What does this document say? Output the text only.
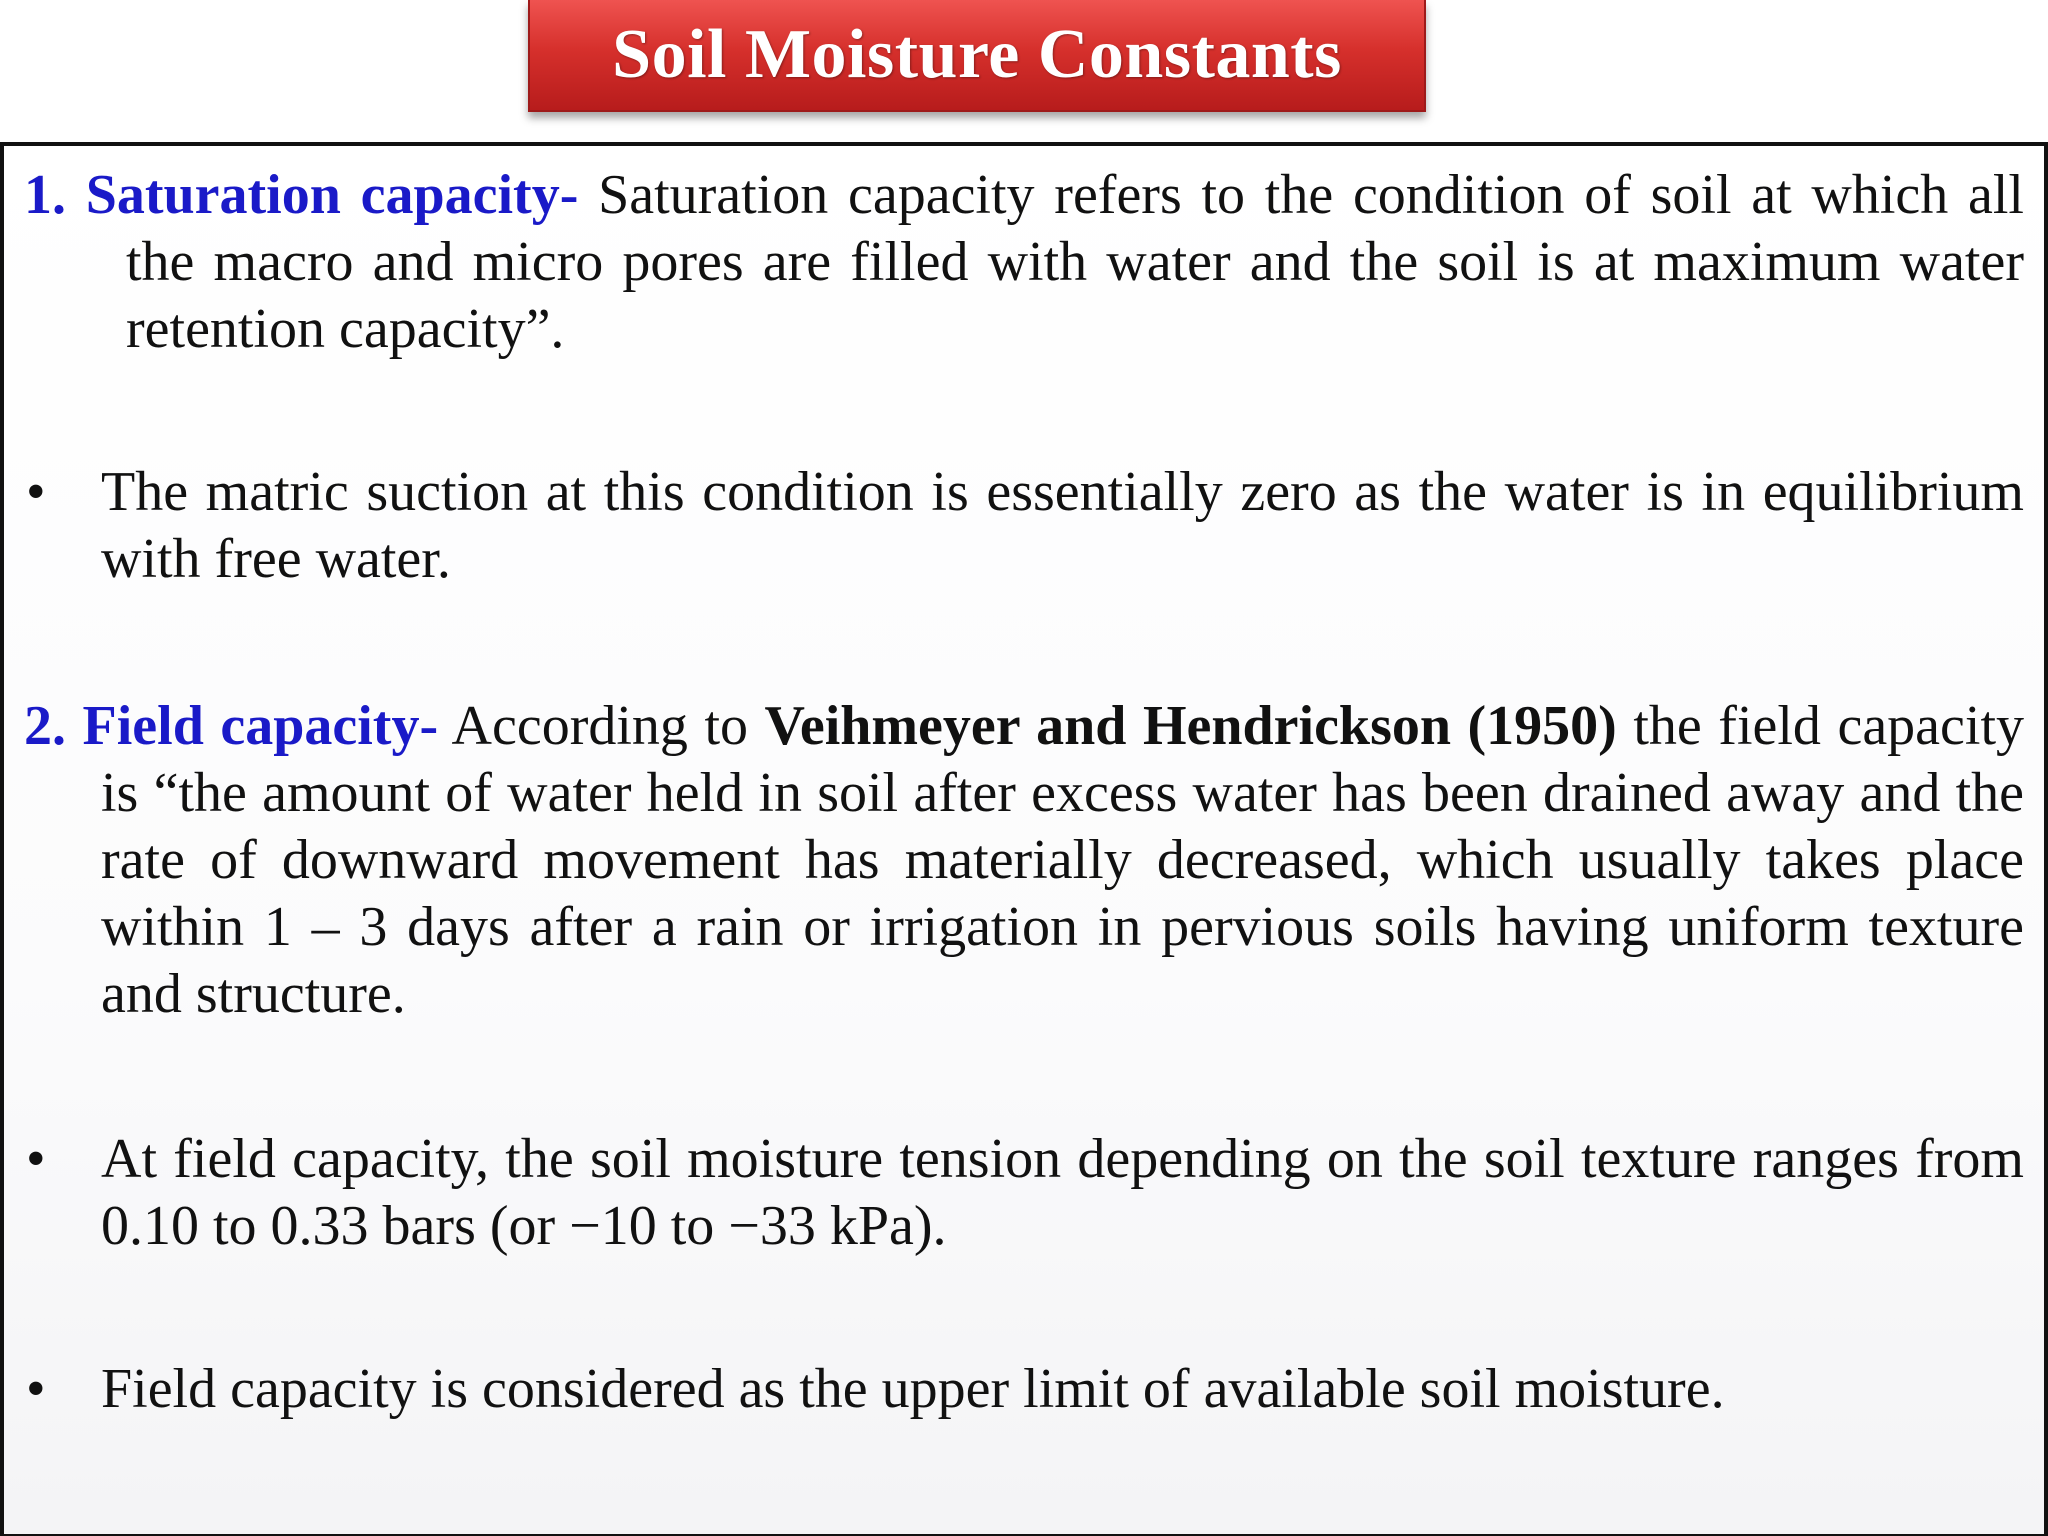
Soil Moisture Constants
1. Saturation capacity- Saturation capacity refers to the condition of soil at which all the macro and micro pores are filled with water and the soil is at maximum water retention capacity”.
• The matric suction at this condition is essentially zero as the water is in equilibrium with free water.
2. Field capacity- According to Veihmeyer and Hendrickson (1950) the field capacity is “the amount of water held in soil after excess water has been drained away and the rate of downward movement has materially decreased, which usually takes place within 1 – 3 days after a rain or irrigation in pervious soils having uniform texture and structure.
• At field capacity, the soil moisture tension depending on the soil texture ranges from 0.10 to 0.33 bars (or −10 to −33 kPa).
• Field capacity is considered as the upper limit of available soil moisture.
